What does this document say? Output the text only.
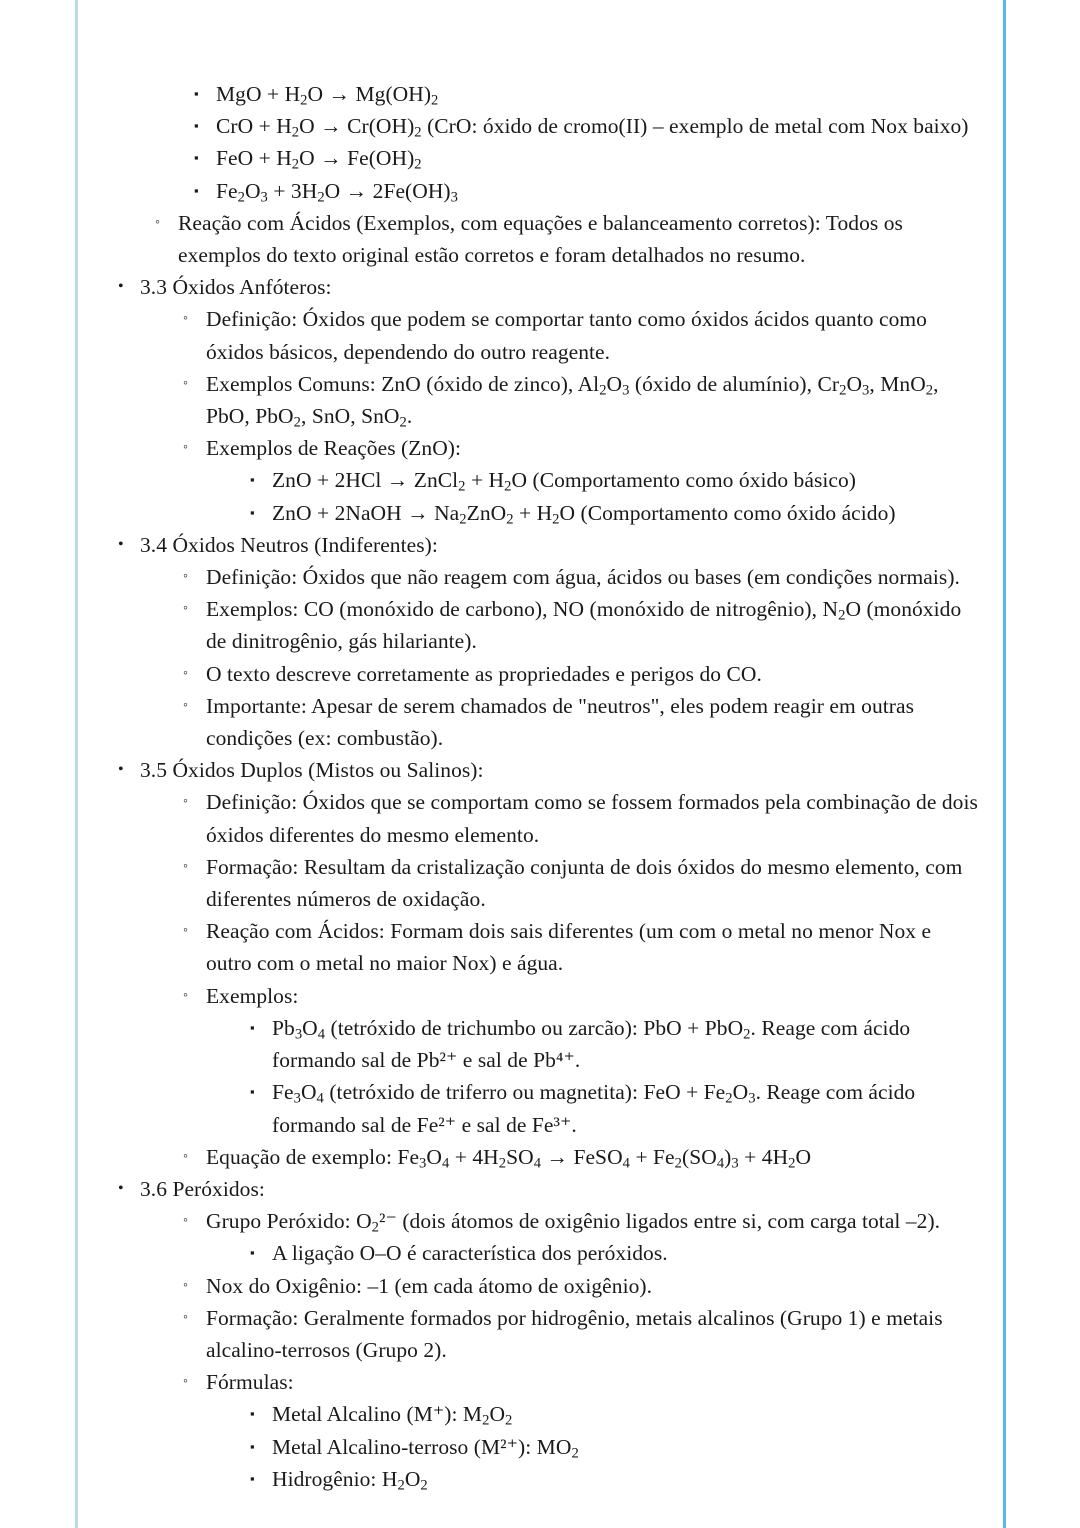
▪ MgO + $H_2O \to Mg(OH)_2$
▪ CrO + $H_2O \to Cr(OH)_2$ (CrO: óxido de cromo(II) – exemplo de metal com Nox baixo)
▪ FeO + $H_2O \to Fe(OH)_2$
▪ $Fe_2O_3 + 3H_2O \to 2Fe(OH)_3$
◦ Reação com Ácidos (Exemplos, com equações e balanceamento corretos): Todos os exemplos do texto original estão corretos e foram detalhados no resumo.
• 3.3 Óxidos Anfóteros:
◦ Definição: Óxidos que podem se comportar tanto como óxidos ácidos quanto como óxidos básicos, dependendo do outro reagente.
◦ Exemplos Comuns: ZnO (óxido de zinco), $Al_2O_3$ (óxido de alumínio), $Cr_2O_3$, MnO$_2$, PbO, PbO$_2$, SnO, SnO$_2$.
◦ Exemplos de Reações (ZnO):
▪ ZnO + 2HCl → ZnCl$_2$ + $H_2O$ (Comportamento como óxido básico)
▪ ZnO + 2NaOH → $Na_2ZnO_2 + H_2O$ (Comportamento como óxido ácido)
• 3.4 Óxidos Neutros (Indiferentes):
◦ Definição: Óxidos que não reagem com água, ácidos ou bases (em condições normais).
◦ Exemplos: CO (monóxido de carbono), NO (monóxido de nitrogênio), $N_2O$ (monóxido de dinitrogênio, gás hilariante).
◦ O texto descreve corretamente as propriedades e perigos do CO.
◦ Importante: Apesar de serem chamados de "neutros", eles podem reagir em outras condições (ex: combustão).
• 3.5 Óxidos Duplos (Mistos ou Salinos):
◦ Definição: Óxidos que se comportam como se fossem formados pela combinação de dois óxidos diferentes do mesmo elemento.
◦ Formação: Resultam da cristalização conjunta de dois óxidos do mesmo elemento, com diferentes números de oxidação.
◦ Reação com Ácidos: Formam dois sais diferentes (um com o metal no menor Nox e outro com o metal no maior Nox) e água.
◦ Exemplos:
▪ $Pb_3O_4$ (tetróxido de trichumbo ou zarcão): PbO + PbO$_2$. Reage com ácido formando sal de Pb²⁺ e sal de Pb⁴⁺.
▪ $Fe_3O_4$ (tetróxido de triferro ou magnetita): FeO + $Fe_2O_3$. Reage com ácido formando sal de Fe²⁺ e sal de Fe³⁺.
◦ Equação de exemplo: $Fe_3O_4 + 4H_2SO_4$ → FeSO$_4$ + $Fe_2(SO_4)_3 + 4H_2O$
• 3.6 Peróxidos:
◦ Grupo Peróxido: $O_2^{2-}$ (dois átomos de oxigênio ligados entre si, com carga total –2).
▪ A ligação O–O é característica dos peróxidos.
◦ Nox do Oxigênio: –1 (em cada átomo de oxigênio).
◦ Formação: Geralmente formados por hidrogênio, metais alcalinos (Grupo 1) e metais alcalino-terrosos (Grupo 2).
◦ Fórmulas:
▪ Metal Alcalino (M⁺): $M_2O_2$
▪ Metal Alcalino-terroso (M²⁺): $MO_2$
▪ Hidrogênio: $H_2O_2$
